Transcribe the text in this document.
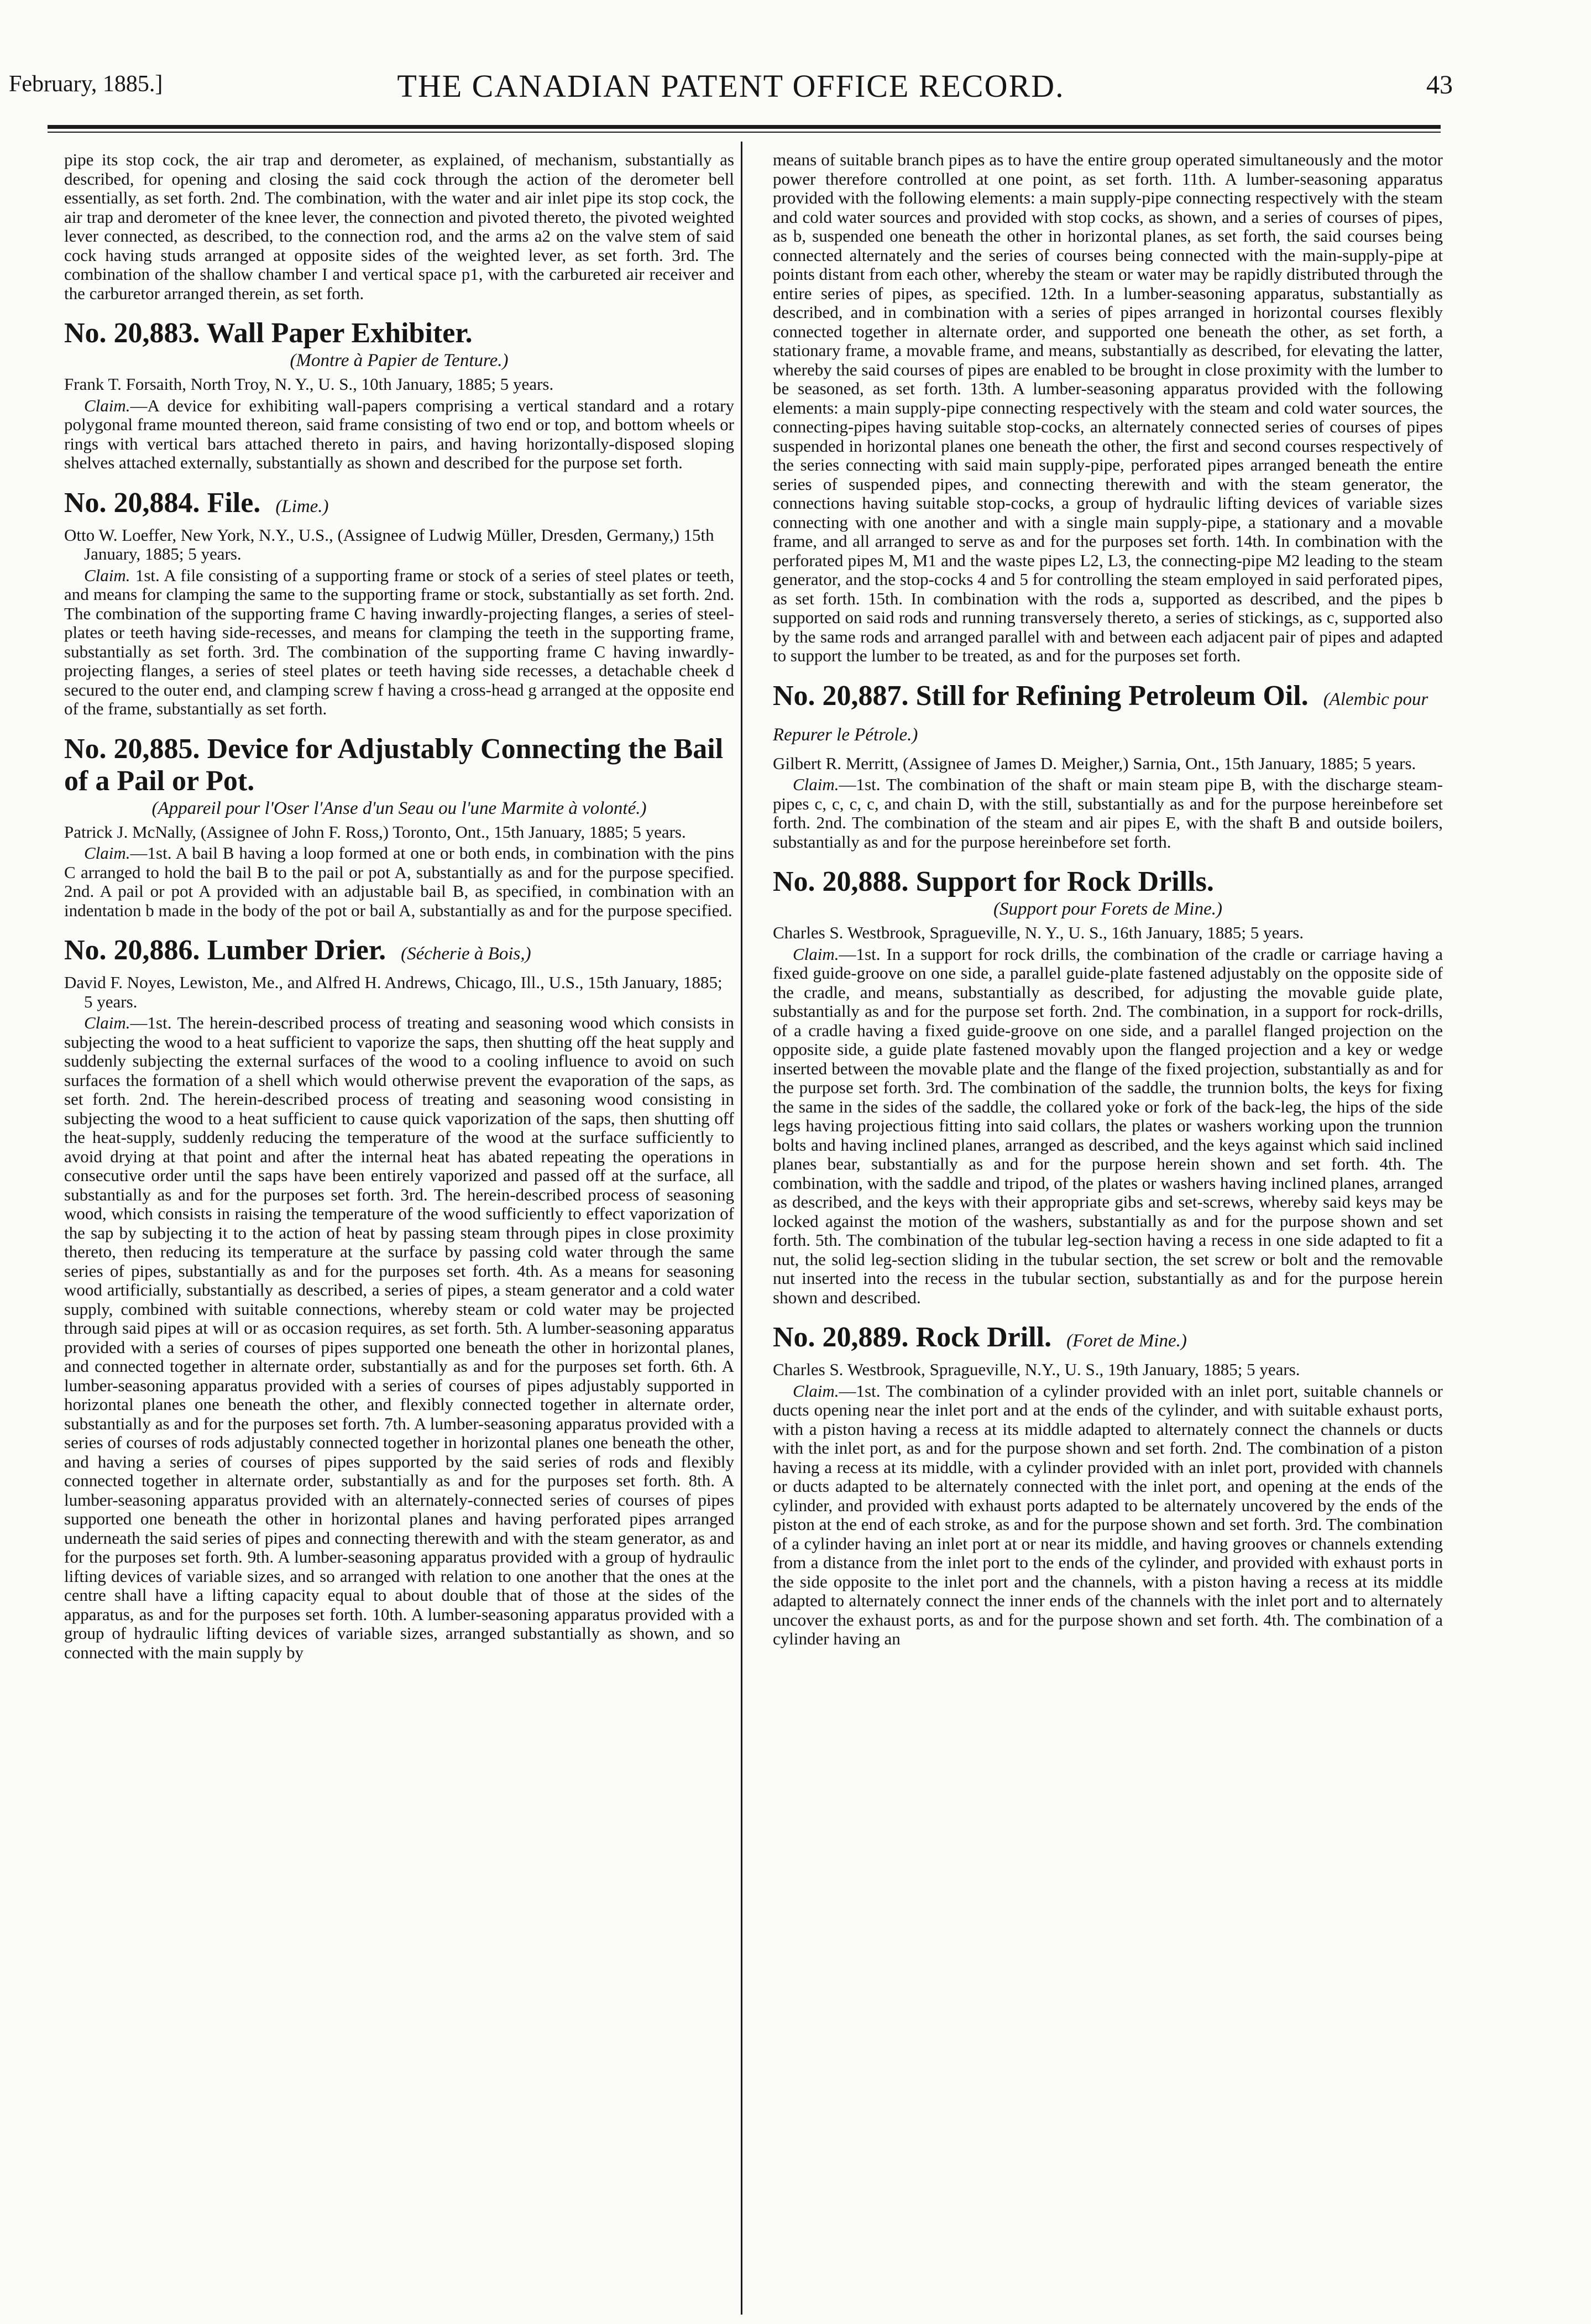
February, 1885.]	THE CANADIAN PATENT OFFICE RECORD.	43

pipe its stop cock, the air trap and derometer, as explained, of mechanism, substantially as described, for opening and closing the said cock through the action of the derometer bell essentially, as set forth. 2nd. The combination, with the water and air inlet pipe its stop cock, the air trap and derometer of the knee lever, the connection and pivoted thereto, the pivoted weighted lever connected, as described, to the connection rod, and the arms a2 on the valve stem of said cock having studs arranged at opposite sides of the weighted lever, as set forth. 3rd. The combination of the shallow chamber I and vertical space p1, with the carbureted air receiver and the carburetor arranged therein, as set forth.

No. 20,883. Wall Paper Exhibiter.

(Montre à Papier de Tenture.)

Frank T. Forsaith, North Troy, N. Y., U. S., 10th January, 1885; 5 years.

Claim.—A device for exhibiting wall-papers comprising a vertical standard and a rotary polygonal frame mounted thereon, said frame consisting of two end or top, and bottom wheels or rings with vertical bars attached thereto in pairs, and having horizontally-disposed sloping shelves attached externally, substantially as shown and described for the purpose set forth.

No. 20,884. File. (Lime.)

Otto W. Loeffer, New York, N.Y., U.S., (Assignee of Ludwig Müller, Dresden, Germany,) 15th January, 1885; 5 years.

Claim. 1st. A file consisting of a supporting frame or stock of a series of steel plates or teeth, and means for clamping the same to the supporting frame or stock, substantially as set forth. 2nd. The combination of the supporting frame C having inwardly-projecting flanges, a series of steel-plates or teeth having side-recesses, and means for clamping the teeth in the supporting frame, substantially as set forth. 3rd. The combination of the supporting frame C having inwardly-projecting flanges, a series of steel plates or teeth having side recesses, a detachable cheek d secured to the outer end, and clamping screw f having a cross-head g arranged at the opposite end of the frame, substantially as set forth.

No. 20,885. Device for Adjustably Connecting the Bail of a Pail or Pot.

(Appareil pour l'Oser l'Anse d'un Seau ou l'une Marmite à volonté.)

Patrick J. McNally, (Assignee of John F. Ross,) Toronto, Ont., 15th January, 1885; 5 years.

Claim.—1st. A bail B having a loop formed at one or both ends, in combination with the pins C arranged to hold the bail B to the pail or pot A, substantially as and for the purpose specified. 2nd. A pail or pot A provided with an adjustable bail B, as specified, in combination with an indentation b made in the body of the pot or bail A, substantially as and for the purpose specified.

No. 20,886. Lumber Drier. (Sécherie à Bois,)

David F. Noyes, Lewiston, Me., and Alfred H. Andrews, Chicago, Ill., U.S., 15th January, 1885; 5 years.

Claim.—1st. The herein-described process of treating and seasoning wood which consists in subjecting the wood to a heat sufficient to vaporize the saps, then shutting off the heat supply and suddenly subjecting the external surfaces of the wood to a cooling influence to avoid on such surfaces the formation of a shell which would otherwise prevent the evaporation of the saps, as set forth. 2nd. The herein-described process of treating and seasoning wood consisting in subjecting the wood to a heat sufficient to cause quick vaporization of the saps, then shutting off the heat-supply, suddenly reducing the temperature of the wood at the surface sufficiently to avoid drying at that point and after the internal heat has abated repeating the operations in consecutive order until the saps have been entirely vaporized and passed off at the surface, all substantially as and for the purposes set forth. 3rd. The herein-described process of seasoning wood, which consists in raising the temperature of the wood sufficiently to effect vaporization of the sap by subjecting it to the action of heat by passing steam through pipes in close proximity thereto, then reducing its temperature at the surface by passing cold water through the same series of pipes, substantially as and for the purposes set forth. 4th. As a means for seasoning wood artificially, substantially as described, a series of pipes, a steam generator and a cold water supply, combined with suitable connections, whereby steam or cold water may be projected through said pipes at will or as occasion requires, as set forth. 5th. A lumber-seasoning apparatus provided with a series of courses of pipes supported one beneath the other in horizontal planes, and connected together in alternate order, substantially as and for the purposes set forth. 6th. A lumber-seasoning apparatus provided with a series of courses of pipes adjustably supported in horizontal planes one beneath the other, and flexibly connected together in alternate order, substantially as and for the purposes set forth. 7th. A lumber-seasoning apparatus provided with a series of courses of rods adjustably connected together in horizontal planes one beneath the other, and having a series of courses of pipes supported by the said series of rods and flexibly connected together in alternate order, substantially as and for the purposes set forth. 8th. A lumber-seasoning apparatus provided with an alternately-connected series of courses of pipes supported one beneath the other in horizontal planes and having perforated pipes arranged underneath the said series of pipes and connecting therewith and with the steam generator, as and for the purposes set forth. 9th. A lumber-seasoning apparatus provided with a group of hydraulic lifting devices of variable sizes, and so arranged with relation to one another that the ones at the centre shall have a lifting capacity equal to about double that of those at the sides of the apparatus, as and for the purposes set forth. 10th. A lumber-seasoning apparatus provided with a group of hydraulic lifting devices of variable sizes, arranged substantially as shown, and so connected with the main supply by

means of suitable branch pipes as to have the entire group operated simultaneously and the motor power therefore controlled at one point, as set forth. 11th. A lumber-seasoning apparatus provided with the following elements: a main supply-pipe connecting respectively with the steam and cold water sources and provided with stop cocks, as shown, and a series of courses of pipes, as b, suspended one beneath the other in horizontal planes, as set forth, the said courses being connected alternately and the series of courses being connected with the main-supply-pipe at points distant from each other, whereby the steam or water may be rapidly distributed through the entire series of pipes, as specified. 12th. In a lumber-seasoning apparatus, substantially as described, and in combination with a series of pipes arranged in horizontal courses flexibly connected together in alternate order, and supported one beneath the other, as set forth, a stationary frame, a movable frame, and means, substantially as described, for elevating the latter, whereby the said courses of pipes are enabled to be brought in close proximity with the lumber to be seasoned, as set forth. 13th. A lumber-seasoning apparatus provided with the following elements: a main supply-pipe connecting respectively with the steam and cold water sources, the connecting-pipes having suitable stop-cocks, an alternately connected series of courses of pipes suspended in horizontal planes one beneath the other, the first and second courses respectively of the series connecting with said main supply-pipe, perforated pipes arranged beneath the entire series of suspended pipes, and connecting therewith and with the steam generator, the connections having suitable stop-cocks, a group of hydraulic lifting devices of variable sizes connecting with one another and with a single main supply-pipe, a stationary and a movable frame, and all arranged to serve as and for the purposes set forth. 14th. In combination with the perforated pipes M, M1 and the waste pipes L2, L3, the connecting-pipe M2 leading to the steam generator, and the stop-cocks 4 and 5 for controlling the steam employed in said perforated pipes, as set forth. 15th. In combination with the rods a, supported as described, and the pipes b supported on said rods and running transversely thereto, a series of stickings, as c, supported also by the same rods and arranged parallel with and between each adjacent pair of pipes and adapted to support the lumber to be treated, as and for the purposes set forth.

No. 20,887. Still for Refining Petroleum Oil. (Alembic pour Repurer le Pétrole.)

Gilbert R. Merritt, (Assignee of James D. Meigher,) Sarnia, Ont., 15th January, 1885; 5 years.

Claim.—1st. The combination of the shaft or main steam pipe B, with the discharge steam-pipes c, c, c, c, and chain D, with the still, substantially as and for the purpose hereinbefore set forth. 2nd. The combination of the steam and air pipes E, with the shaft B and outside boilers, substantially as and for the purpose hereinbefore set forth.

No. 20,888. Support for Rock Drills.

(Support pour Forets de Mine.)

Charles S. Westbrook, Spragueville, N. Y., U. S., 16th January, 1885; 5 years.

Claim.—1st. In a support for rock drills, the combination of the cradle or carriage having a fixed guide-groove on one side, a parallel guide-plate fastened adjustably on the opposite side of the cradle, and means, substantially as described, for adjusting the movable guide plate, substantially as and for the purpose set forth. 2nd. The combination, in a support for rock-drills, of a cradle having a fixed guide-groove on one side, and a parallel flanged projection on the opposite side, a guide plate fastened movably upon the flanged projection and a key or wedge inserted between the movable plate and the flange of the fixed projection, substantially as and for the purpose set forth. 3rd. The combination of the saddle, the trunnion bolts, the keys for fixing the same in the sides of the saddle, the collared yoke or fork of the back-leg, the hips of the side legs having projectious fitting into said collars, the plates or washers working upon the trunnion bolts and having inclined planes, arranged as described, and the keys against which said inclined planes bear, substantially as and for the purpose herein shown and set forth. 4th. The combination, with the saddle and tripod, of the plates or washers having inclined planes, arranged as described, and the keys with their appropriate gibs and set-screws, whereby said keys may be locked against the motion of the washers, substantially as and for the purpose shown and set forth. 5th. The combination of the tubular leg-section having a recess in one side adapted to fit a nut, the solid leg-section sliding in the tubular section, the set screw or bolt and the removable nut inserted into the recess in the tubular section, substantially as and for the purpose herein shown and described.

No. 20,889. Rock Drill. (Foret de Mine.)

Charles S. Westbrook, Spragueville, N.Y., U. S., 19th January, 1885; 5 years.

Claim.—1st. The combination of a cylinder provided with an inlet port, suitable channels or ducts opening near the inlet port and at the ends of the cylinder, and with suitable exhaust ports, with a piston having a recess at its middle adapted to alternately connect the channels or ducts with the inlet port, as and for the purpose shown and set forth. 2nd. The combination of a piston having a recess at its middle, with a cylinder provided with an inlet port, provided with channels or ducts adapted to be alternately connected with the inlet port, and opening at the ends of the cylinder, and provided with exhaust ports adapted to be alternately uncovered by the ends of the piston at the end of each stroke, as and for the purpose shown and set forth. 3rd. The combination of a cylinder having an inlet port at or near its middle, and having grooves or channels extending from a distance from the inlet port to the ends of the cylinder, and provided with exhaust ports in the side opposite to the inlet port and the channels, with a piston having a recess at its middle adapted to alternately connect the inner ends of the channels with the inlet port and to alternately uncover the exhaust ports, as and for the purpose shown and set forth. 4th. The combination of a cylinder having an
